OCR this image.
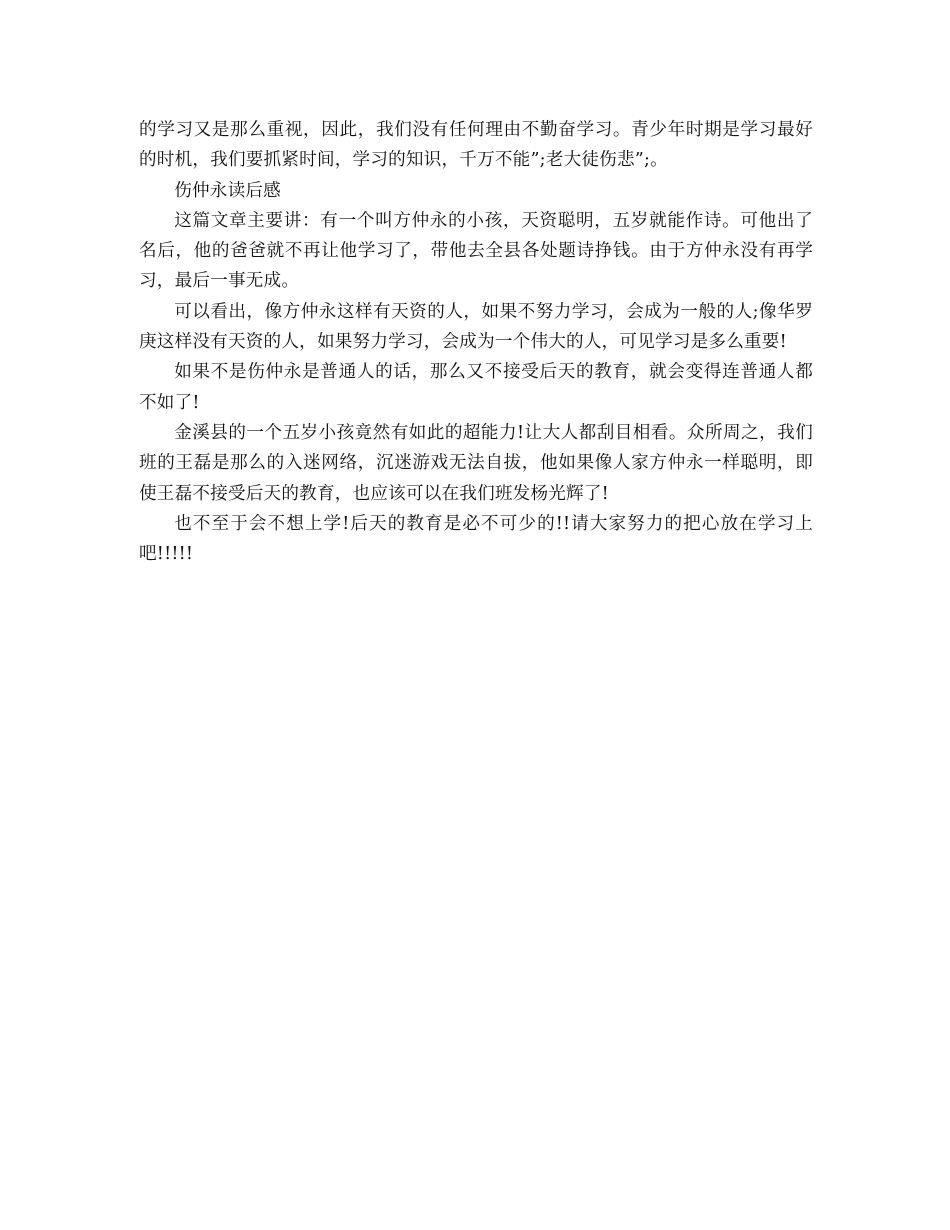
的学习又是那么重视，因此，我们没有任何理由不勤奋学习。青少年时期是学习最好的时机，我们要抓紧时间，学习的知识，千万不能”;老大徒伤悲”;。

伤仲永读后感

这篇文章主要讲：有一个叫方仲永的小孩，天资聪明，五岁就能作诗。可他出了名后，他的爸爸就不再让他学习了，带他去全县各处题诗挣钱。由于方仲永没有再学习，最后一事无成。

可以看出，像方仲永这样有天资的人，如果不努力学习，会成为一般的人;像华罗庚这样没有天资的人，如果努力学习，会成为一个伟大的人，可见学习是多么重要!

如果不是伤仲永是普通人的话，那么又不接受后天的教育，就会变得连普通人都不如了!

金溪县的一个五岁小孩竟然有如此的超能力!让大人都刮目相看。众所周之，我们班的王磊是那么的入迷网络，沉迷游戏无法自拔，他如果像人家方仲永一样聪明，即使王磊不接受后天的教育，也应该可以在我们班发杨光辉了!

也不至于会不想上学!后天的教育是必不可少的!!请大家努力的把心放在学习上吧!!!!!
